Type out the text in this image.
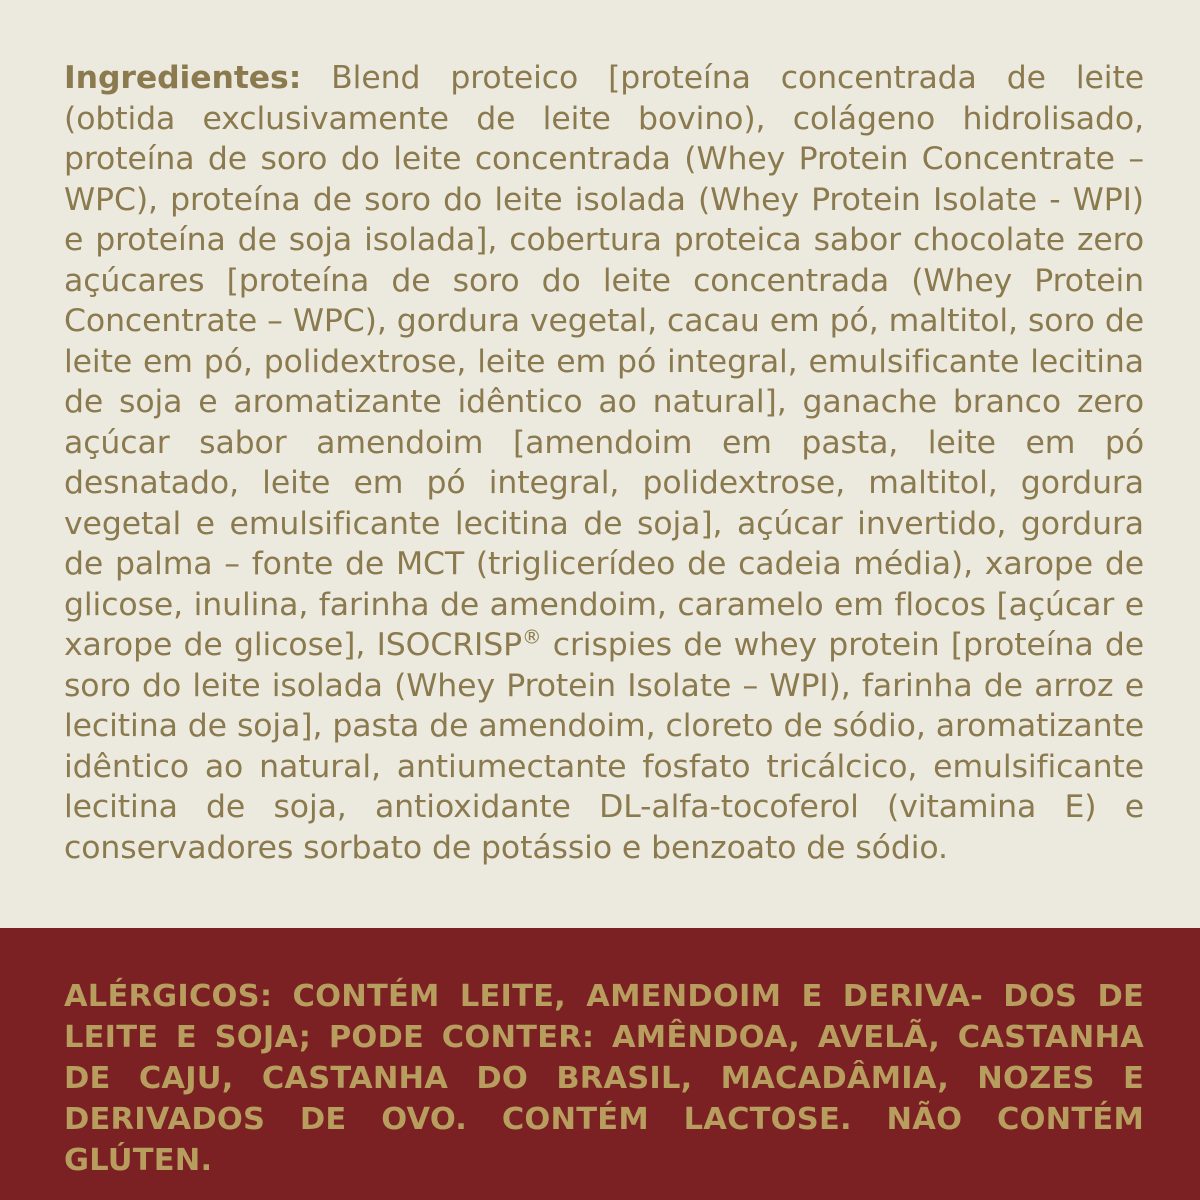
Ingredientes: Blend proteico [proteína concentrada de leite (obtida exclusivamente de leite bovino), colágeno hidrolisado, proteína de soro do leite concentrada (Whey Protein Concentrate – WPC), proteína de soro do leite isolada (Whey Protein Isolate - WPI) e proteína de soja isolada], cobertura proteica sabor chocolate zero açúcares [proteína de soro do leite concentrada (Whey Protein Concentrate – WPC), gordura vegetal, cacau em pó, maltitol, soro de leite em pó, polidextrose, leite em pó integral, emulsificante lecitina de soja e aromatizante idêntico ao natural], ganache branco zero açúcar sabor amendoim [amendoim em pasta, leite em pó desnatado, leite em pó integral, polidextrose, maltitol, gordura vegetal e emulsificante lecitina de soja], açúcar invertido, gordura de palma – fonte de MCT (triglicerídeo de cadeia média), xarope de glicose, inulina, farinha de amendoim, caramelo em flocos [açúcar e xarope de glicose], ISOCRISP® crispies de whey protein [proteína de soro do leite isolada (Whey Protein Isolate – WPI), farinha de arroz e lecitina de soja], pasta de amendoim, cloreto de sódio, aromatizante idêntico ao natural, antiumectante fosfato tricálcico, emulsificante lecitina de soja, antioxidante DL-alfa-tocoferol (vitamina E) e conservadores sorbato de potássio e benzoato de sódio.

ALÉRGICOS: CONTÉM LEITE, AMENDOIM E DERIVA- DOS DE LEITE E SOJA; PODE CONTER: AMÊNDOA, AVELÃ, CASTANHA DE CAJU, CASTANHA DO BRASIL, MACADÂMIA, NOZES E DERIVADOS DE OVO. CONTÉM LACTOSE. NÃO CONTÉM GLÚTEN.
